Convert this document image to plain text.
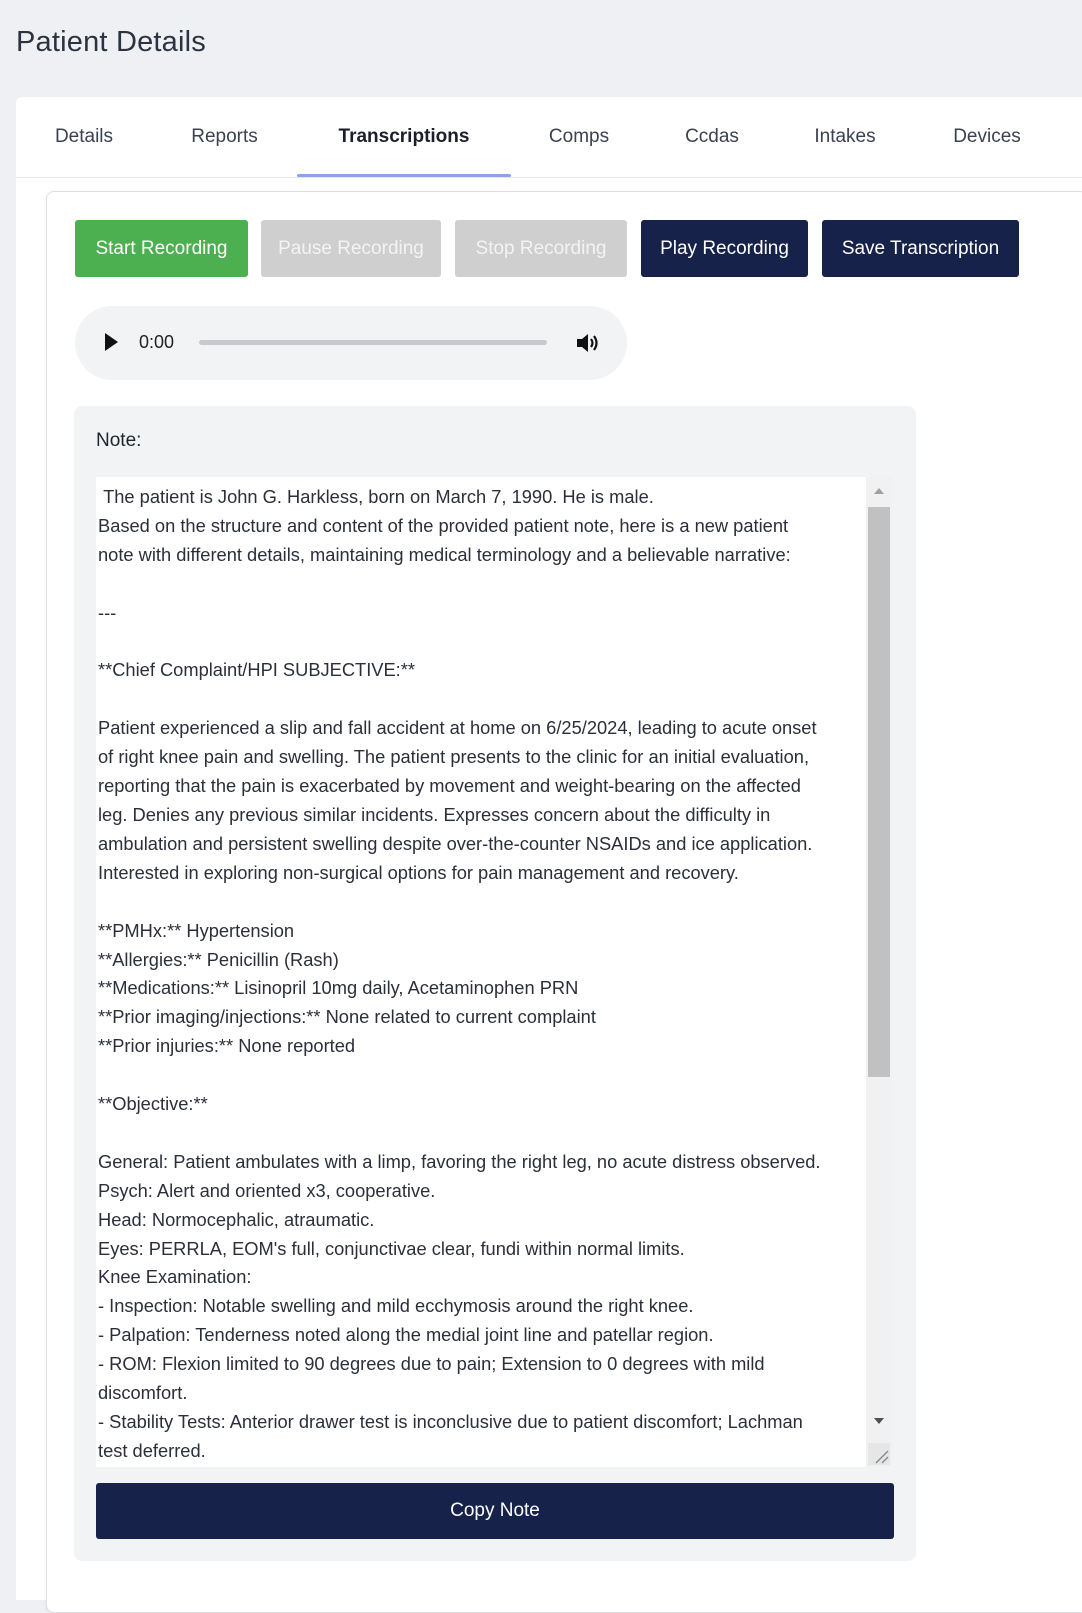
Patient Details
Details	Reports	Transcriptions	Comps	Ccdas	Intakes	Devices
Start Recording	Pause Recording	Stop Recording	Play Recording	Save Transcription
0:00
Note:
The patient is John G. Harkless, born on March 7, 1990. He is male.
Based on the structure and content of the provided patient note, here is a new patient
note with different details, maintaining medical terminology and a believable narrative:

---

**Chief Complaint/HPI SUBJECTIVE:**

Patient experienced a slip and fall accident at home on 6/25/2024, leading to acute onset
of right knee pain and swelling. The patient presents to the clinic for an initial evaluation,
reporting that the pain is exacerbated by movement and weight-bearing on the affected
leg. Denies any previous similar incidents. Expresses concern about the difficulty in
ambulation and persistent swelling despite over-the-counter NSAIDs and ice application.
Interested in exploring non-surgical options for pain management and recovery.

**PMHx:** Hypertension
**Allergies:** Penicillin (Rash)
**Medications:** Lisinopril 10mg daily, Acetaminophen PRN
**Prior imaging/injections:** None related to current complaint
**Prior injuries:** None reported

**Objective:**

General: Patient ambulates with a limp, favoring the right leg, no acute distress observed.
Psych: Alert and oriented x3, cooperative.
Head: Normocephalic, atraumatic.
Eyes: PERRLA, EOM's full, conjunctivae clear, fundi within normal limits.
Knee Examination:
- Inspection: Notable swelling and mild ecchymosis around the right knee.
- Palpation: Tenderness noted along the medial joint line and patellar region.
- ROM: Flexion limited to 90 degrees due to pain; Extension to 0 degrees with mild
discomfort.
- Stability Tests: Anterior drawer test is inconclusive due to patient discomfort; Lachman
test deferred.
Copy Note
